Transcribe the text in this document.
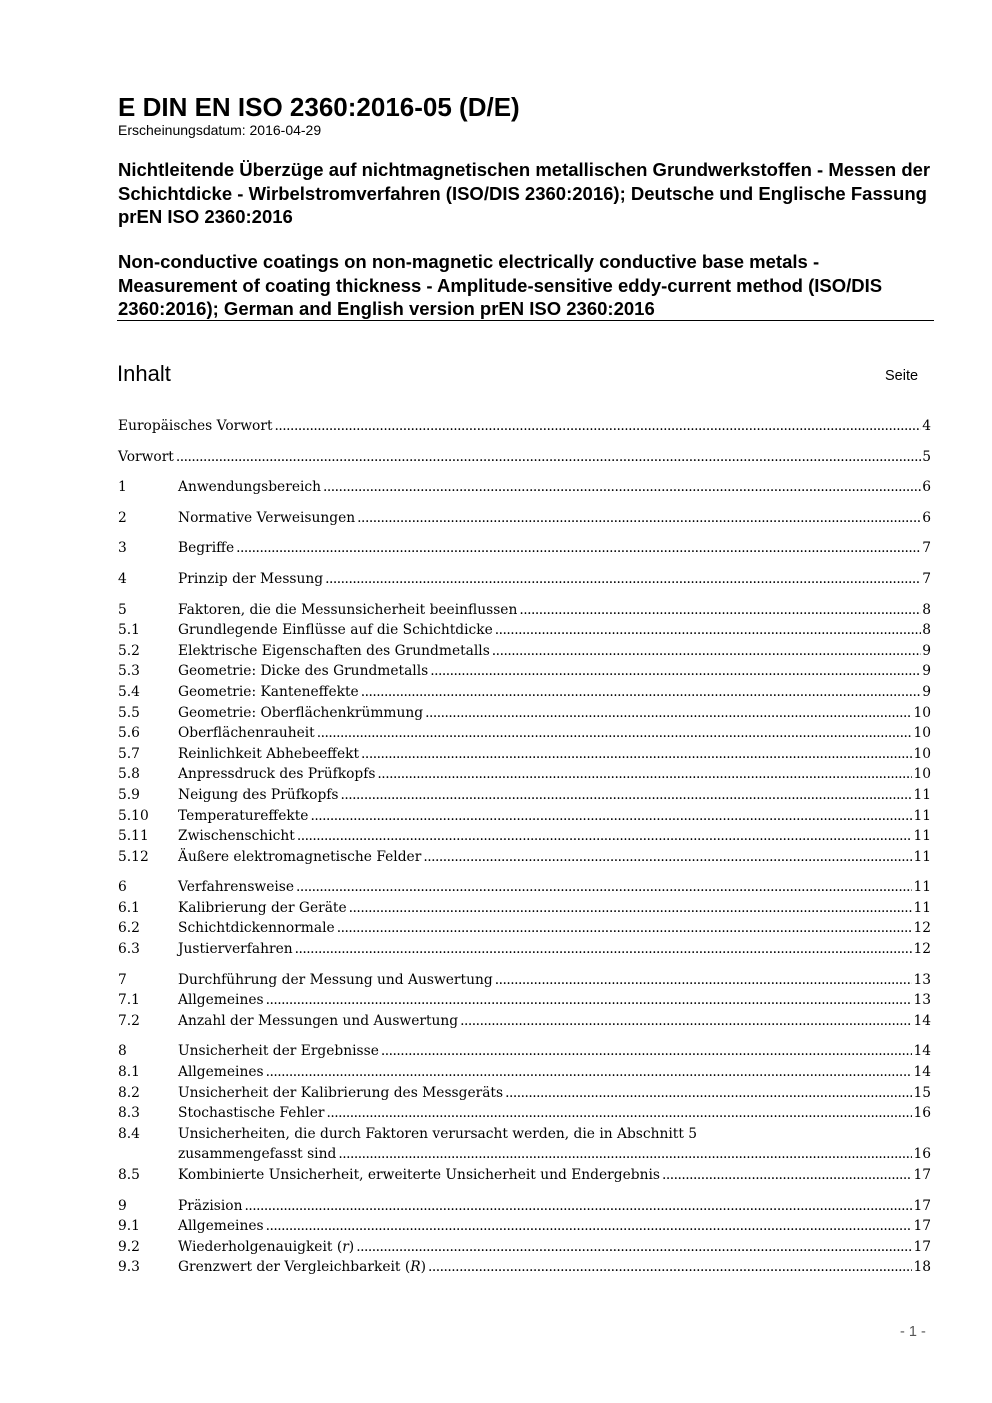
E DIN EN ISO 2360:2016-05 (D/E)
Erscheinungsdatum: 2016-04-29
Nichtleitende Überzüge auf nichtmagnetischen metallischen Grundwerkstoffen - Messen der Schichtdicke - Wirbelstromverfahren (ISO/DIS 2360:2016); Deutsche und Englische Fassung prEN ISO 2360:2016
Non-conductive coatings on non-magnetic electrically conductive base metals - Measurement of coating thickness - Amplitude-sensitive eddy-current method (ISO/DIS 2360:2016); German and English version prEN ISO 2360:2016
Inhalt	Seite
Europäisches Vorwort .....	4
Vorwort .....	5
1	Anwendungsbereich .....	6
2	Normative Verweisungen .....	6
3	Begriffe .....	7
4	Prinzip der Messung .....	7
5	Faktoren, die die Messunsicherheit beeinflussen .....	8
5.1	Grundlegende Einflüsse auf die Schichtdicke .....	8
5.2	Elektrische Eigenschaften des Grundmetalls .....	9
5.3	Geometrie: Dicke des Grundmetalls .....	9
5.4	Geometrie: Kanteneffekte .....	9
5.5	Geometrie: Oberflächenkrümmung .....	10
5.6	Oberflächenrauheit .....	10
5.7	Reinlichkeit Abhebeeffekt .....	10
5.8	Anpressdruck des Prüfkopfs .....	10
5.9	Neigung des Prüfkopfs .....	11
5.10 Temperatureffekte .....	11
5.11 Zwischenschicht .....	11
5.12 Äußere elektromagnetische Felder .....	11
6	Verfahrensweise .....	11
6.1	Kalibrierung der Geräte .....	11
6.2	Schichtdickennormale .....	12
6.3	Justierverfahren .....	12
7	Durchführung der Messung und Auswertung .....	13
7.1	Allgemeines .....	13
7.2	Anzahl der Messungen und Auswertung .....	14
8	Unsicherheit der Ergebnisse .....	14
8.1	Allgemeines .....	14
8.2	Unsicherheit der Kalibrierung des Messgeräts .....	15
8.3	Stochastische Fehler .....	16
8.4	Unsicherheiten, die durch Faktoren verursacht werden, die in Abschnitt 5
zusammengefasst sind .....	16
8.5	Kombinierte Unsicherheit, erweiterte Unsicherheit und Endergebnis .....	17
9	Präzision .....	17
9.1	Allgemeines .....	17
9.2	Wiederholgenauigkeit (𝑟) .....	17
9.3	Grenzwert der Vergleichbarkeit (𝑅) .....	18
- 1 -
